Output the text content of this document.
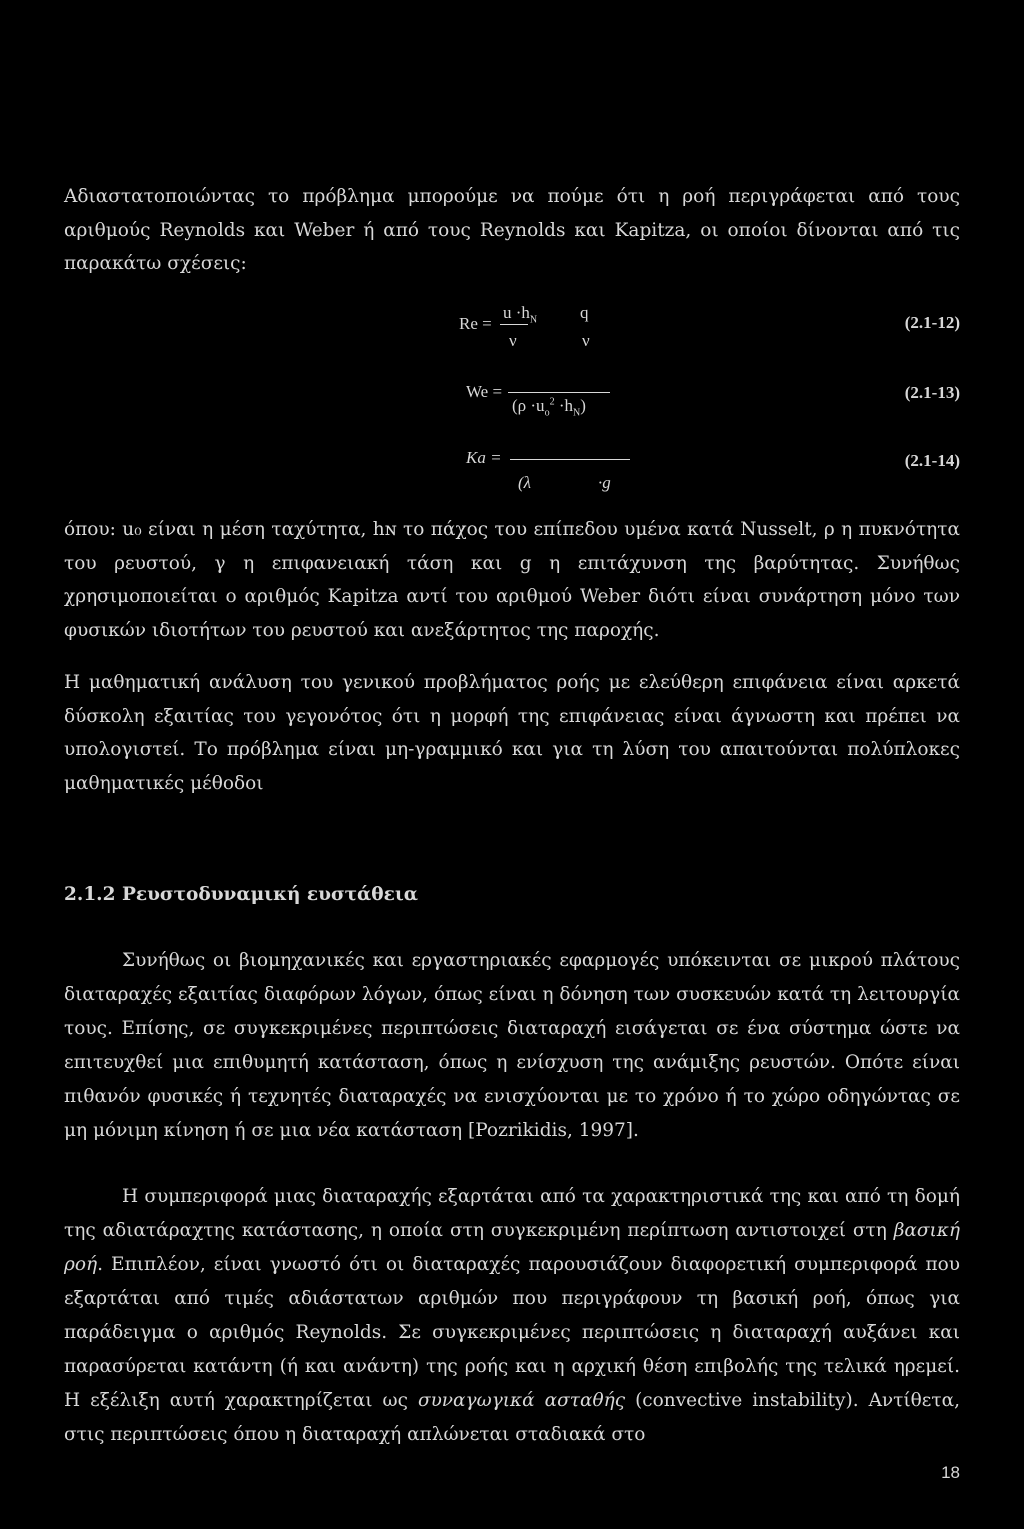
Αδιαστατοποιώντας το πρόβλημα μπορούμε να πούμε ότι η ροή περιγράφεται από τους αριθμούς Reynolds και Weber ή από τους Reynolds και Kapitza, οι οποίοι δίνονται από τις παρακάτω σχέσεις:

Re =
$u \cdot h_N$
ν
q
ν
(2.1-12)
We =
$(\rho \cdot u_o^2 \cdot h_N)$
(2.1-13)
Ka =
(λ	·g
(2.1-14)

όπου: u₀ είναι η μέση ταχύτητα, hɴ το πάχος του επίπεδου υμένα κατά Nusselt, ρ η πυκνότητα του ρευστού, γ η επιφανειακή τάση και g η επιτάχυνση της βαρύτητας. Συνήθως χρησιμοποιείται ο αριθμός Kapitza αντί του αριθμού Weber διότι είναι συνάρτηση μόνο των φυσικών ιδιοτήτων του ρευστού και ανεξάρτητος της παροχής.

Η μαθηματική ανάλυση του γενικού προβλήματος ροής με ελεύθερη επιφάνεια είναι αρκετά δύσκολη εξαιτίας του γεγονότος ότι η μορφή της επιφάνειας είναι άγνωστη και πρέπει να υπολογιστεί. Το πρόβλημα είναι μη-γραμμικό και για τη λύση του απαιτούνται πολύπλοκες μαθηματικές μέθοδοι

2.1.2 Ρευστοδυναμική ευστάθεια

Συνήθως οι βιομηχανικές και εργαστηριακές εφαρμογές υπόκεινται σε μικρού πλάτους διαταραχές εξαιτίας διαφόρων λόγων, όπως είναι η δόνηση των συσκευών κατά τη λειτουργία τους. Επίσης, σε συγκεκριμένες περιπτώσεις διαταραχή εισάγεται σε ένα σύστημα ώστε να επιτευχθεί μια επιθυμητή κατάσταση, όπως η ενίσχυση της ανάμιξης ρευστών. Οπότε είναι πιθανόν φυσικές ή τεχνητές διαταραχές να ενισχύονται με το χρόνο ή το χώρο οδηγώντας σε μη μόνιμη κίνηση ή σε μια νέα κατάσταση [Pozrikidis, 1997].

Η συμπεριφορά μιας διαταραχής εξαρτάται από τα χαρακτηριστικά της και από τη δομή της αδιατάραχτης κατάστασης, η οποία στη συγκεκριμένη περίπτωση αντιστοιχεί στη βασική ροή. Επιπλέον, είναι γνωστό ότι οι διαταραχές παρουσιάζουν διαφορετική συμπεριφορά που εξαρτάται από τιμές αδιάστατων αριθμών που περιγράφουν τη βασική ροή, όπως για παράδειγμα ο αριθμός Reynolds. Σε συγκεκριμένες περιπτώσεις η διαταραχή αυξάνει και παρασύρεται κατάντη (ή και ανάντη) της ροής και η αρχική θέση επιβολής της τελικά ηρεμεί. Η εξέλιξη αυτή χαρακτηρίζεται ως συναγωγικά ασταθής (convective instability). Αντίθετα, στις περιπτώσεις όπου η διαταραχή απλώνεται σταδιακά στο

18
